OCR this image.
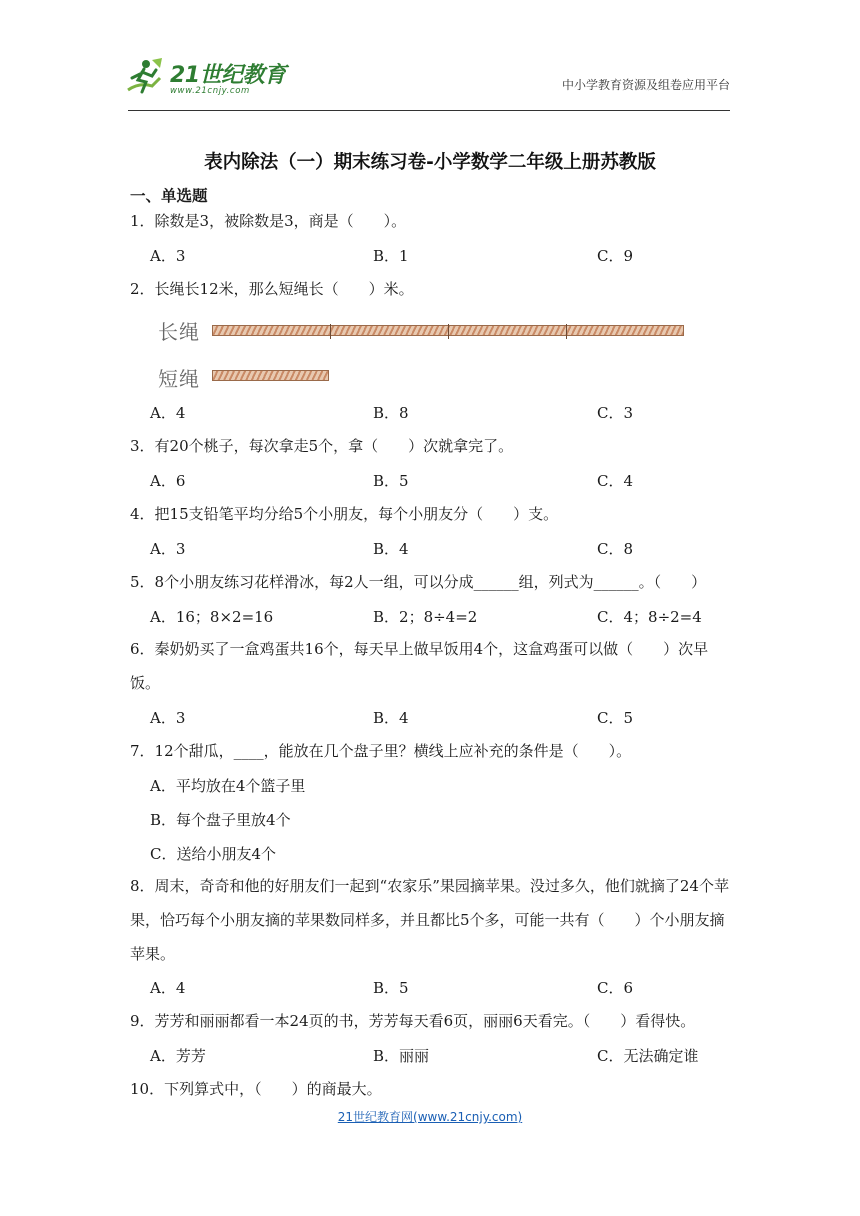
21世纪教育
www.21cnjy.com	中小学教育资源及组卷应用平台
表内除法（一）期末练习卷-小学数学二年级上册苏教版
一、单选题
1．除数是3，被除数是3，商是（　　）。
A．3	B．1	C．9
2．长绳长12米，那么短绳长（　　）米。
长绳
短绳
A．4	B．8	C．3
3．有20个桃子，每次拿走5个，拿（　　）次就拿完了。
A．6	B．5	C．4
4．把15支铅笔平均分给5个小朋友，每个小朋友分（　　）支。
A．3	B．4	C．8
5．8个小朋友练习花样滑冰，每2人一组，可以分成______组，列式为______。（　　）
A．16；8×2=16	B．2；8÷4=2	C．4；8÷2=4
6．秦奶奶买了一盒鸡蛋共16个，每天早上做早饭用4个，这盒鸡蛋可以做（　　）次早饭。
A．3	B．4	C．5
7．12个甜瓜，____，能放在几个盘子里？横线上应补充的条件是（　　）。
A．平均放在4个篮子里
B．每个盘子里放4个
C．送给小朋友4个
8．周末，奇奇和他的好朋友们一起到“农家乐”果园摘苹果。没过多久，他们就摘了24个苹果，恰巧每个小朋友摘的苹果数同样多，并且都比5个多，可能一共有（　　）个小朋友摘苹果。
A．4	B．5	C．6
9．芳芳和丽丽都看一本24页的书，芳芳每天看6页，丽丽6天看完。（　　）看得快。
A．芳芳	B．丽丽	C．无法确定谁
10．下列算式中，（　　）的商最大。
21世纪教育网(www.21cnjy.com)
